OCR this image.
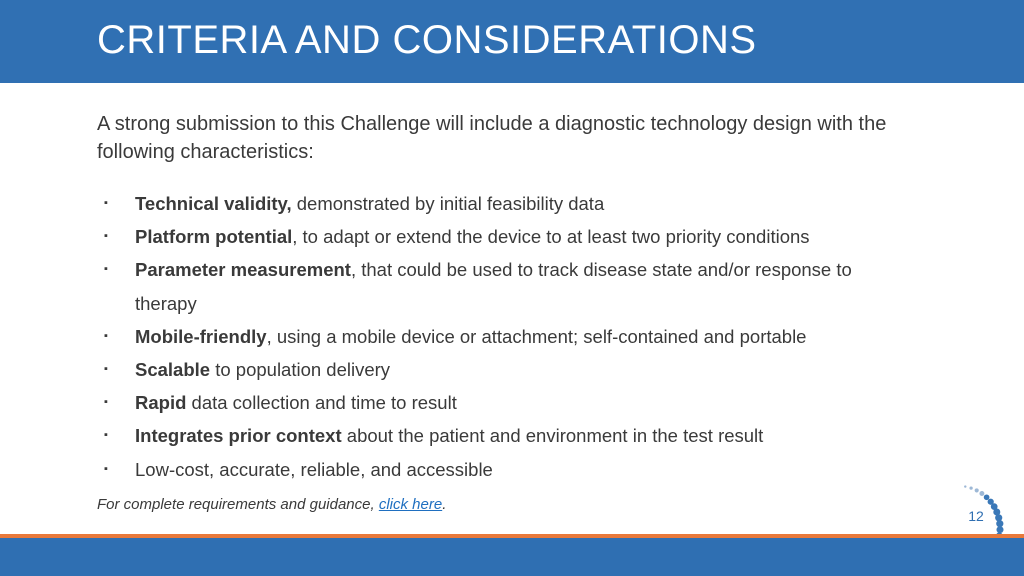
CRITERIA AND CONSIDERATIONS
A strong submission to this Challenge will include a diagnostic technology design with the following characteristics:
▪ Technical validity, demonstrated by initial feasibility data
▪ Platform potential, to adapt or extend the device to at least two priority conditions
▪ Parameter measurement, that could be used to track disease state and/or response to therapy
▪ Mobile-friendly, using a mobile device or attachment; self-contained and portable
▪ Scalable to population delivery
▪ Rapid data collection and time to result
▪ Integrates prior context about the patient and environment in the test result
▪ Low-cost, accurate, reliable, and accessible
For complete requirements and guidance, click here.
12
